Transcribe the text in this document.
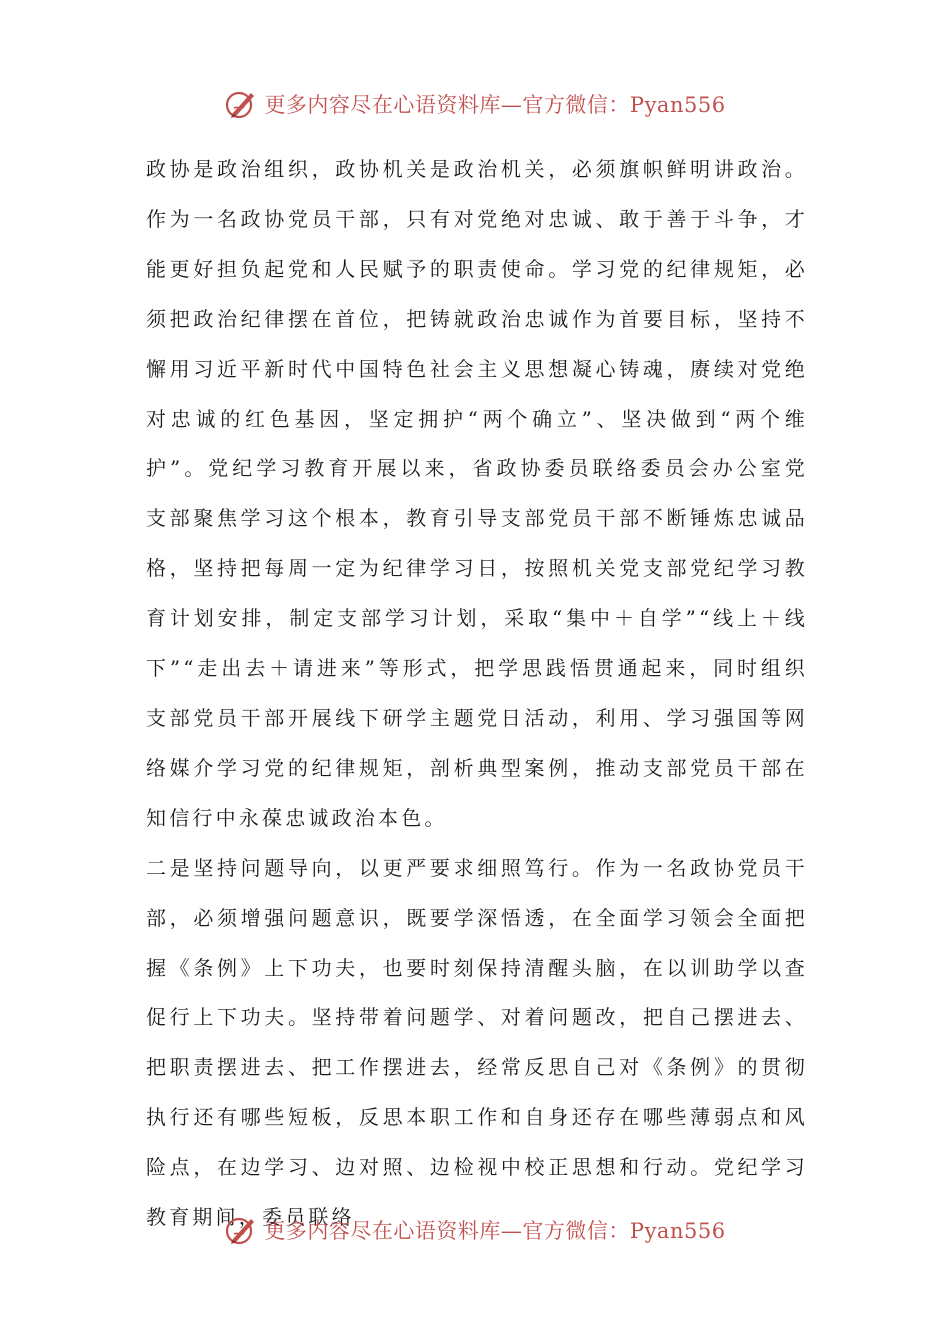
更多内容尽在心语资料库—官方微信：Pyan556

政协是政治组织，政协机关是政治机关，必须旗帜鲜明讲政治。作为一名政协党员干部，只有对党绝对忠诚、敢于善于斗争，才能更好担负起党和人民赋予的职责使命。学习党的纪律规矩，必须把政治纪律摆在首位，把铸就政治忠诚作为首要目标，坚持不懈用习近平新时代中国特色社会主义思想凝心铸魂，赓续对党绝对忠诚的红色基因，坚定拥护“两个确立”、坚决做到“两个维护”。党纪学习教育开展以来，省政协委员联络委员会办公室党支部聚焦学习这个根本，教育引导支部党员干部不断锤炼忠诚品格，坚持把每周一定为纪律学习日，按照机关党支部党纪学习教育计划安排，制定支部学习计划，采取“集中＋自学”“线上＋线下”“走出去＋请进来”等形式，把学思践悟贯通起来，同时组织支部党员干部开展线下研学主题党日活动，利用、学习强国等网络媒介学习党的纪律规矩，剖析典型案例，推动支部党员干部在知信行中永葆忠诚政治本色。

二是坚持问题导向，以更严要求细照笃行。作为一名政协党员干部，必须增强问题意识，既要学深悟透，在全面学习领会全面把握《条例》上下功夫，也要时刻保持清醒头脑，在以训助学以查促行上下功夫。坚持带着问题学、对着问题改，把自己摆进去、把职责摆进去、把工作摆进去，经常反思自己对《条例》的贯彻执行还有哪些短板，反思本职工作和自身还存在哪些薄弱点和风险点，在边学习、边对照、边检视中校正思想和行动。党纪学习教育期间，委员联络

更多内容尽在心语资料库—官方微信：Pyan556
